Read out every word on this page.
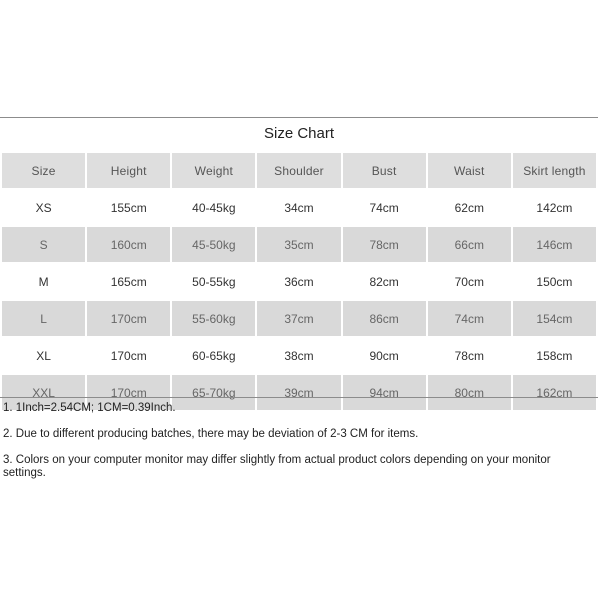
Size Chart
Size	Height	Weight	Shoulder	Bust	Waist	Skirt length
XS	155cm	40-45kg	34cm	74cm	62cm	142cm
S	160cm	45-50kg	35cm	78cm	66cm	146cm
M	165cm	50-55kg	36cm	82cm	70cm	150cm
L	170cm	55-60kg	37cm	86cm	74cm	154cm
XL	170cm	60-65kg	38cm	90cm	78cm	158cm
XXL	170cm	65-70kg	39cm	94cm	80cm	162cm
1. 1Inch=2.54CM; 1CM=0.39Inch.
2. Due to different producing batches, there may be deviation of 2-3 CM for items.
3. Colors on your computer monitor may differ slightly from actual product colors depending on your monitor settings.
